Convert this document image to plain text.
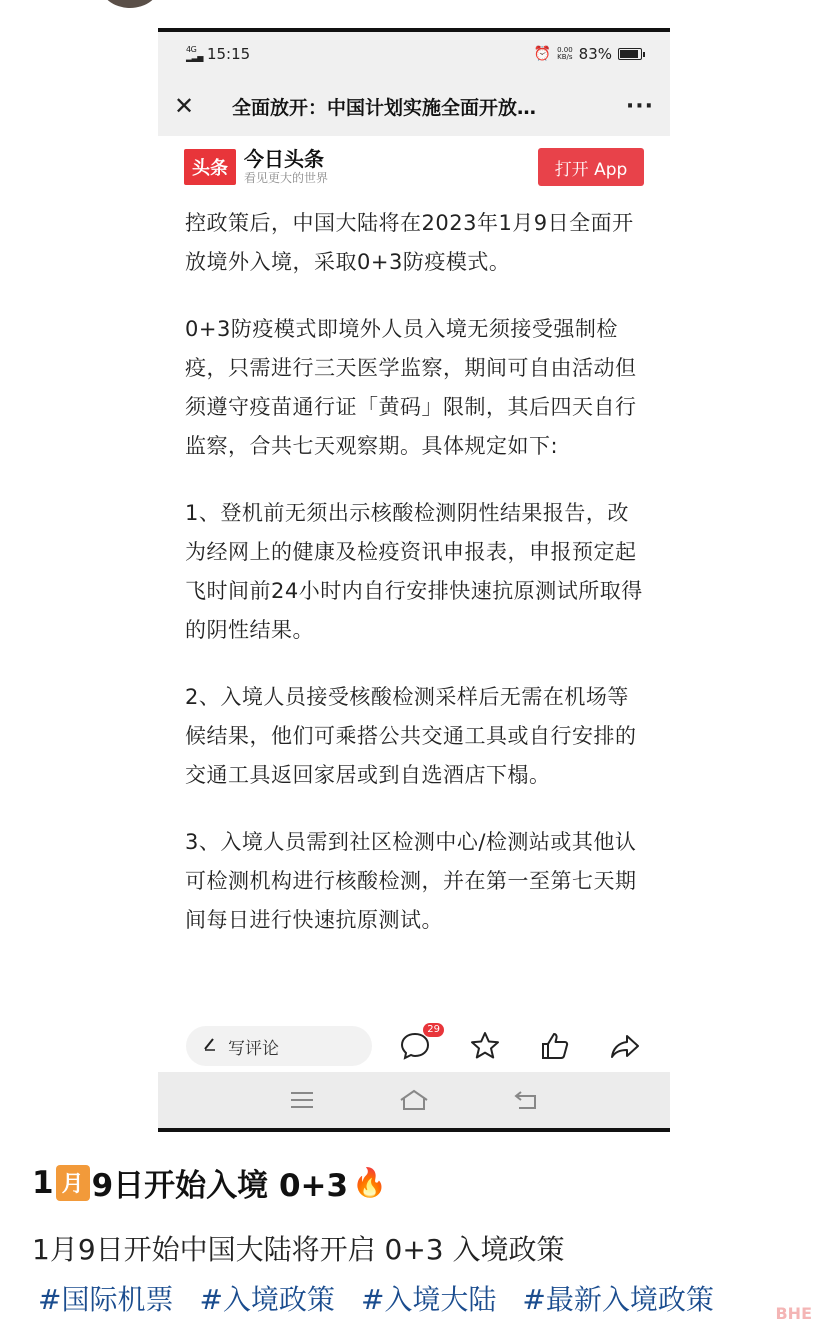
4G
▂▃▅ 15:15	⏰ 0.00
KB/s 83%
✕	全面放开：中国计划实施全面开放…	···
头条 今日头条
看见更大的世界	打开 App

控政策后，中国大陆将在2023年1月9日全面开放境外入境，采取0+3防疫模式。

0+3防疫模式即境外人员入境无须接受强制检疫，只需进行三天医学监察，期间可自由活动但须遵守疫苗通行证「黄码」限制，其后四天自行监察，合共七天观察期。具体规定如下:

1、登机前无须出示核酸检测阴性结果报告，改为经网上的健康及检疫资讯申报表，申报预定起飞时间前24小时内自行安排快速抗原测试所取得的阴性结果。

2、入境人员接受核酸检测采样后无需在机场等候结果，他们可乘搭公共交通工具或自行安排的交通工具返回家居或到自选酒店下榻。

3、入境人员需到社区检测中心/检测站或其他认可检测机构进行核酸检测，并在第一至第七天期间每日进行快速抗原测试。

写评论
29
1 月 9日开始入境 0+3 🔥
1月9日开始中国大陆将开启 0+3 入境政策
#国际机票 #入境政策 #入境大陆 #最新入境政策	BHE
